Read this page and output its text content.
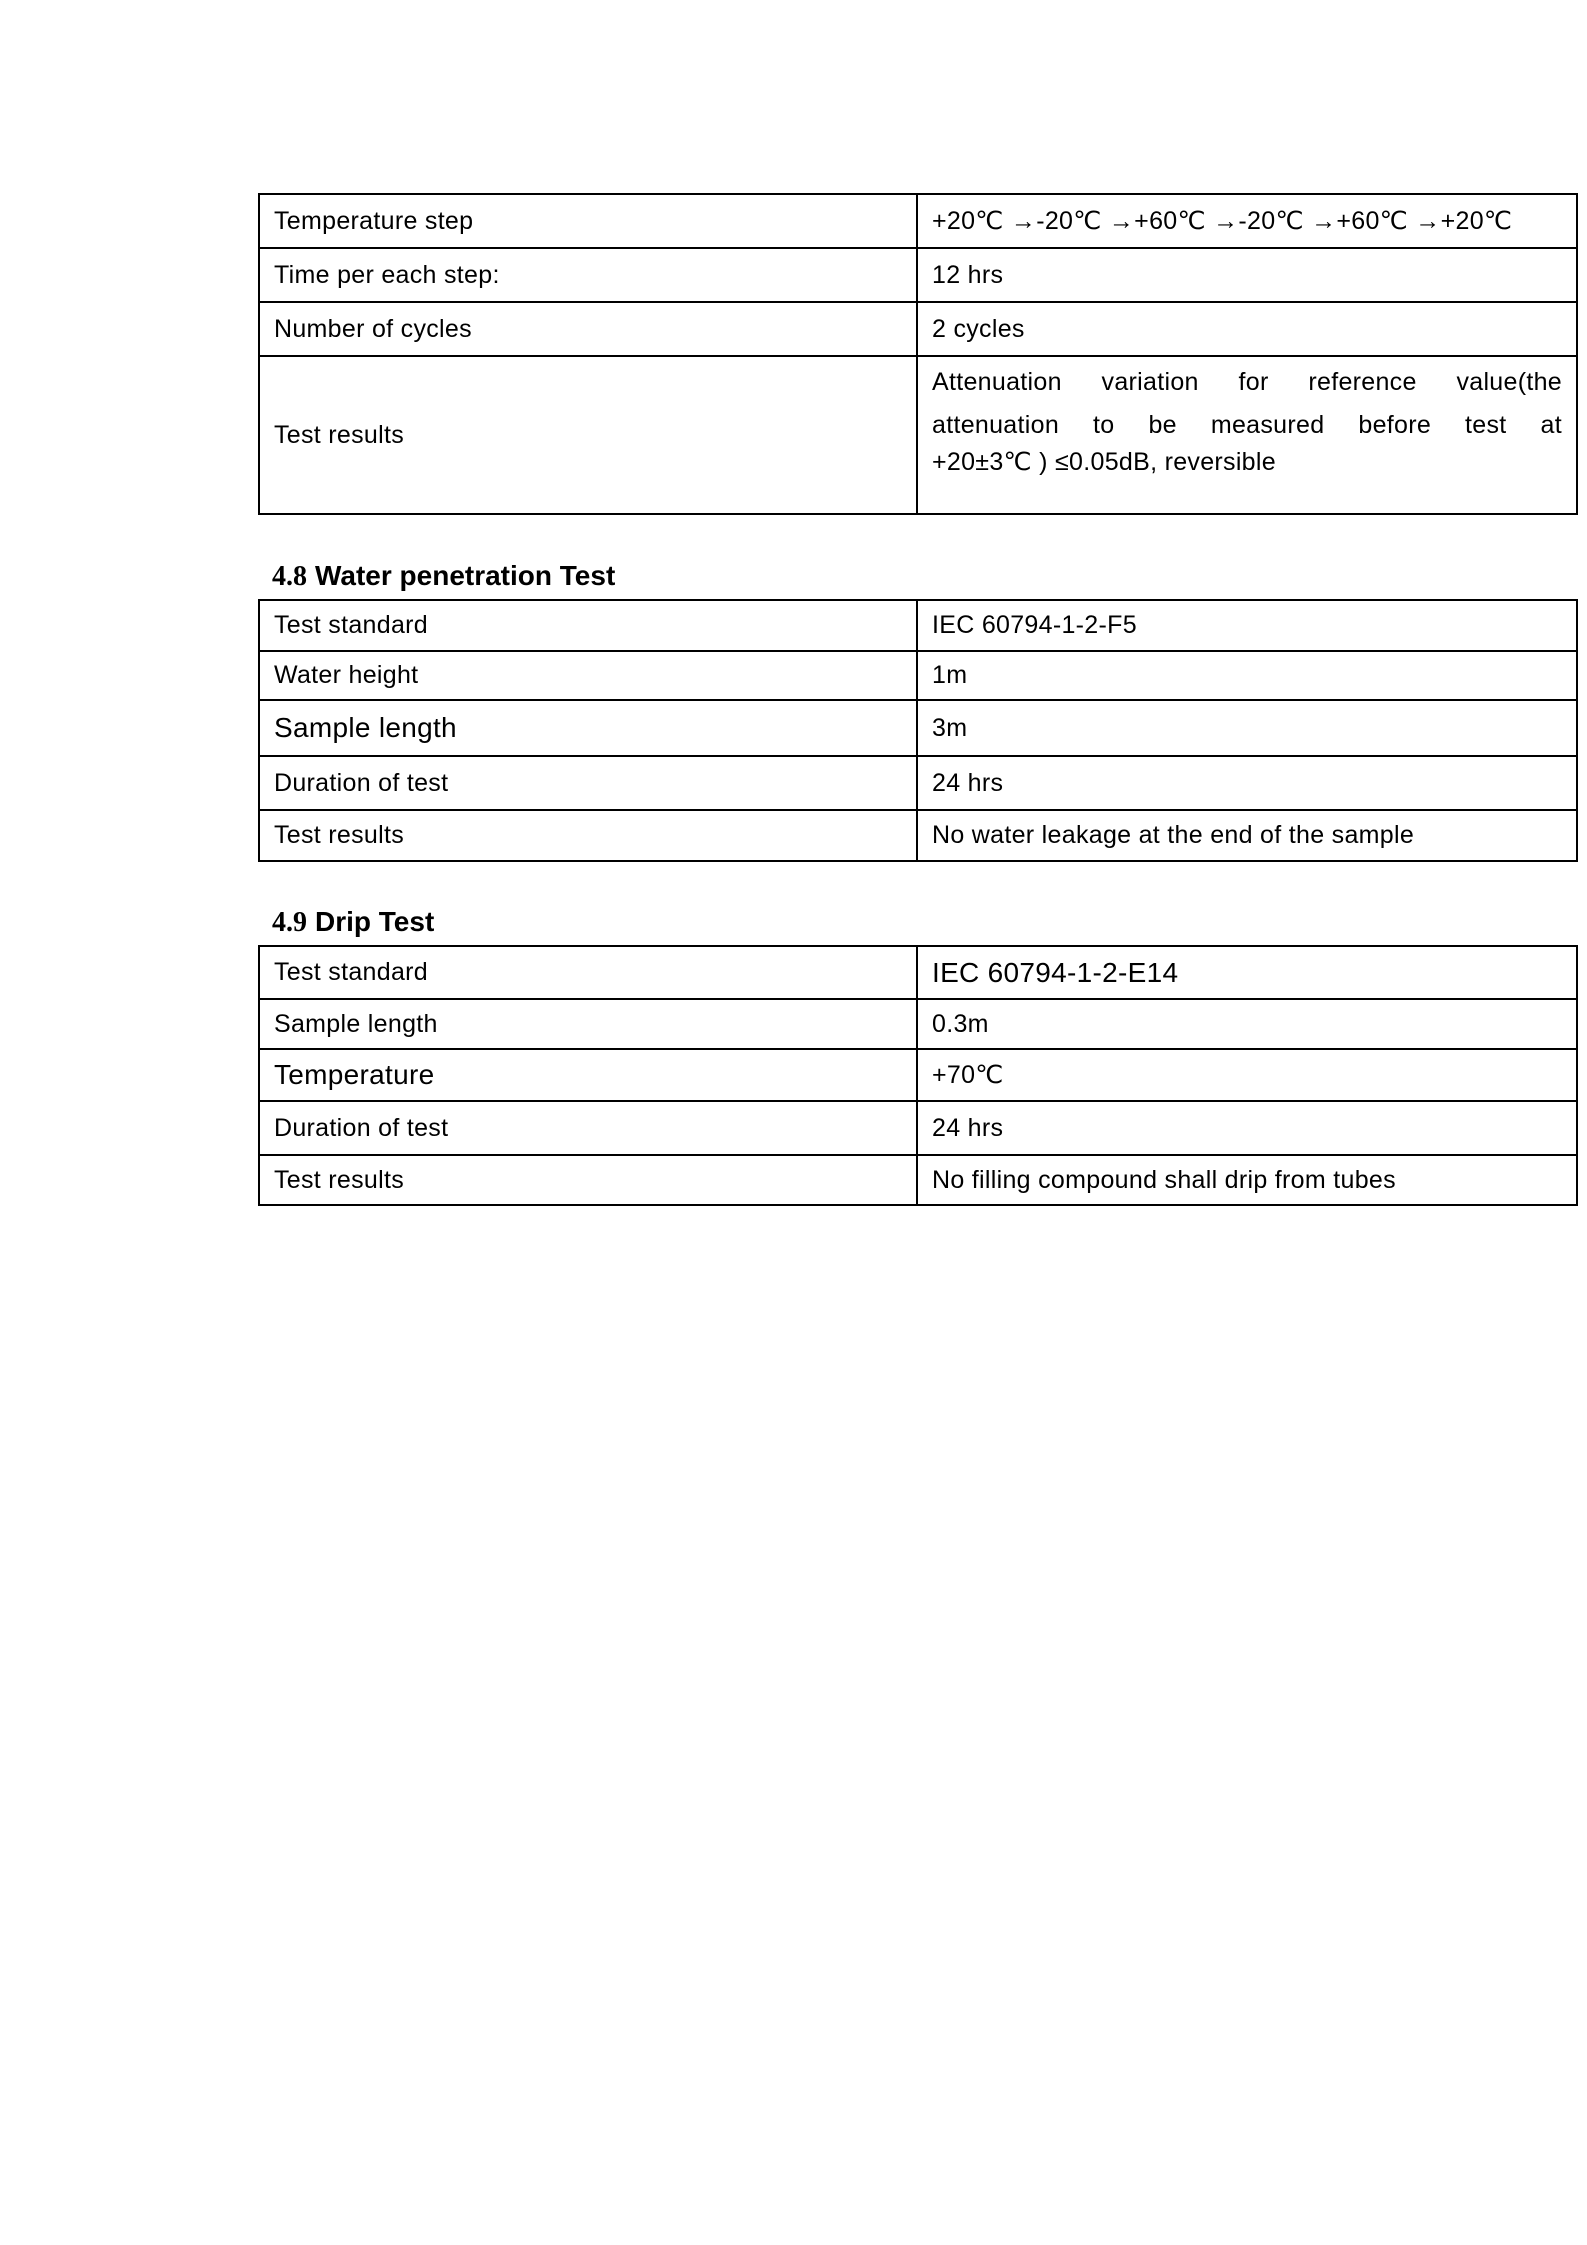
Temperature step	+20℃ →-20℃ →+60℃ →-20℃ →+60℃ →+20℃
Time per each step:	12 hrs
Number of cycles	2 cycles
Test results	Attenuation variation for reference value(the attenuation to be measured before test at
+20±3℃ ) ≤0.05dB, reversible
4.8 Water penetration Test
Test standard	IEC 60794-1-2-F5
Water height	1m
Sample length	3m
Duration of test	24 hrs
Test results	No water leakage at the end of the sample
4.9 Drip Test
Test standard	IEC 60794-1-2-E14
Sample length	0.3m
Temperature	+70℃
Duration of test	24 hrs
Test results	No filling compound shall drip from tubes
